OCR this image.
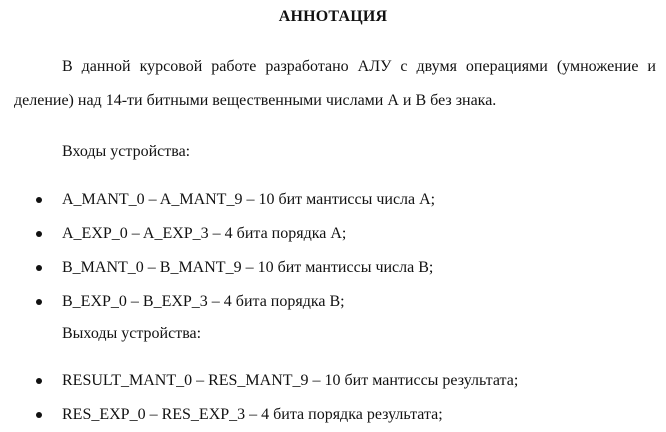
АННОТАЦИЯ
В данной курсовой работе разработано АЛУ с двумя операциями (умножение и деление) над 14-ти битными вещественными числами А и В без знака.
Входы устройства:
A_MANT_0 – A_MANT_9 – 10 бит мантиссы числа А;
A_EXP_0 – A_EXP_3 – 4 бита порядка А;
B_MANT_0 – B_MANT_9 – 10 бит мантиссы числа В;
B_EXP_0 – B_EXP_3 – 4 бита порядка В;
Выходы устройства:
RESULT_MANT_0 – RES_MANT_9 – 10 бит мантиссы результата;
RES_EXP_0 – RES_EXP_3 – 4 бита порядка результата;
